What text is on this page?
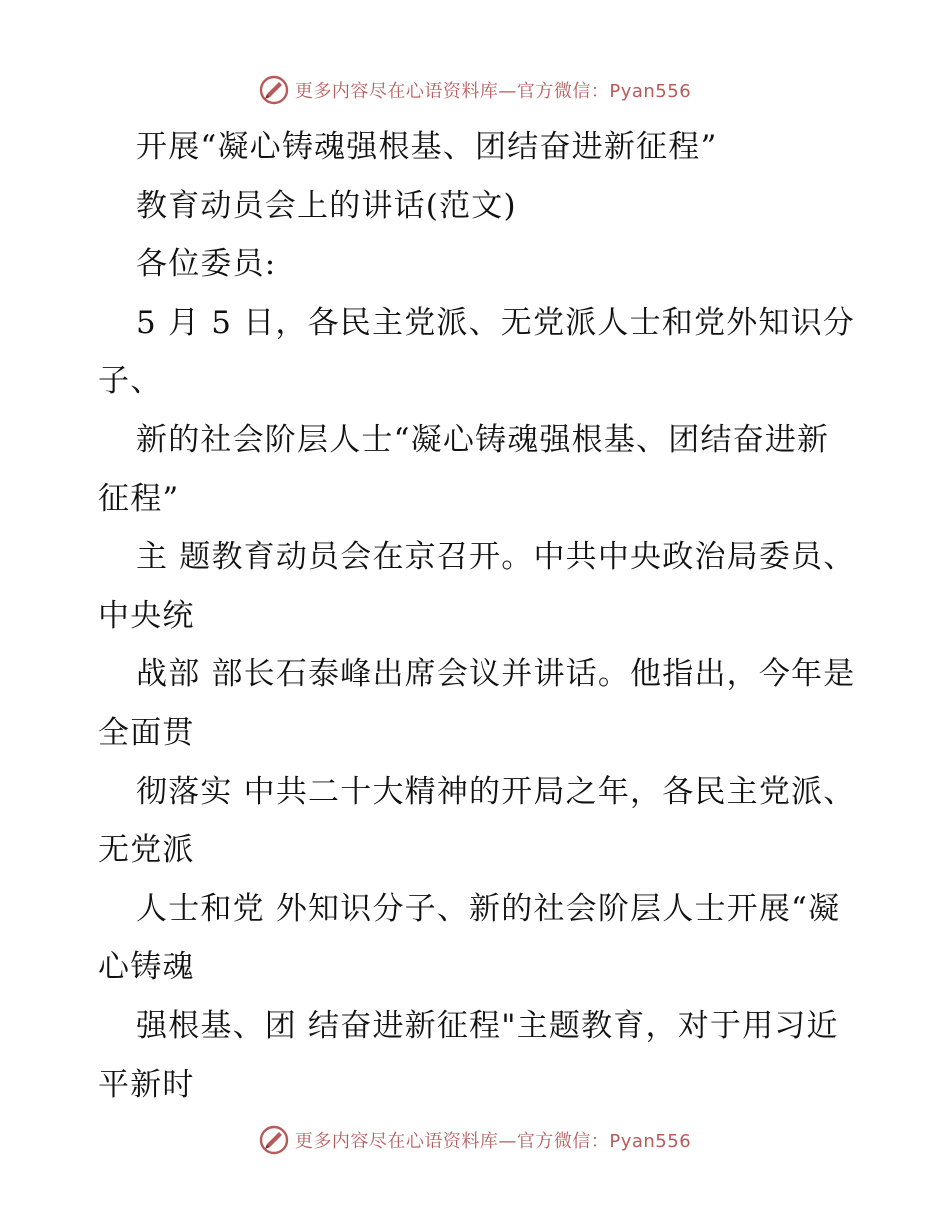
更多内容尽在心语资料库—官方微信：Pyan556

开展“凝心铸魂强根基、团结奋进新征程”

教育动员会上的讲话(范文)

各位委员:

5 月 5 日，各民主党派、无党派人士和党外知识分子、

新的社会阶层人士“凝心铸魂强根基、团结奋进新征程”

主 题教育动员会在京召开。中共中央政治局委员、中央统

战部 部长石泰峰出席会议并讲话。他指出，今年是全面贯

彻落实 中共二十大精神的开局之年，各民主党派、无党派

人士和党 外知识分子、新的社会阶层人士开展“凝心铸魂

强根基、团 结奋进新征程"主题教育，对于用习近平新时

更多内容尽在心语资料库—官方微信：Pyan556
